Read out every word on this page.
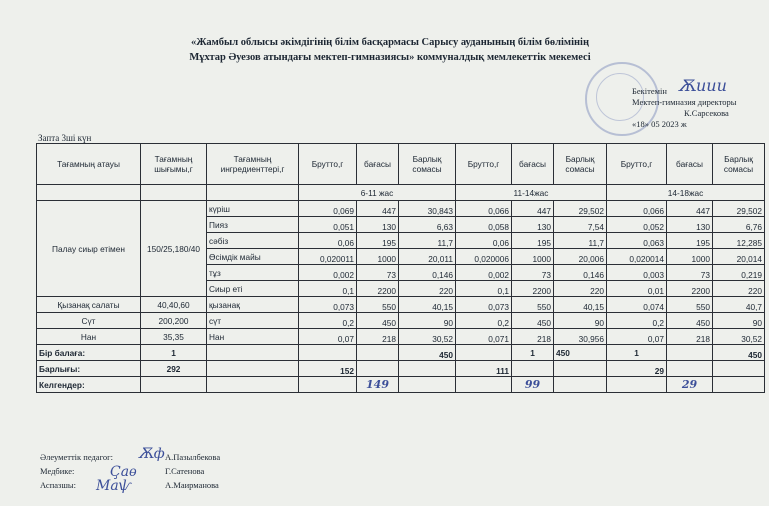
«Жамбыл облысы әкімдігінің білім басқармасы Сарысу ауданының білім бөлімінің
Мұхтар Әуезов атындағы мектеп-гимназиясы» коммуналдық мемлекеттік мекемесі
Ѫиии
Бекітемін
Мектеп-гимназия директоры
К.Сарсекова
«18» 05 2023 ж
Запта 3ші күн
Тағамның атауы	Тағамның шығымы,г	Тағамның ингредиенттері,г	Брутто,г	бағасы	Барлық сомасы	Брутто,г	бағасы	Барлық сомасы	Брутто,г	бағасы	Барлық сомасы
			6-11 жас			11-14жас			14-18жас		
Палау сиыр етімен	150/25,180/40	күріш	0,069	447	30,843	0,066	447	29,502	0,066	447	29,502
		Пияз	0,051	130	6,63	0,058	130	7,54	0,052	130	6,76
		сәбіз	0,06	195	11,7	0,06	195	11,7	0,063	195	12,285
		Өсімдік майы	0,020011	1000	20,011	0,020006	1000	20,006	0,020014	1000	20,014
		тұз	0,002	73	0,146	0,002	73	0,146	0,003	73	0,219
		Сиыр еті	0,1	2200	220	0,1	2200	220	0,01	2200	220
Қызанақ салаты	40,40,60	қызанақ	0,073	550	40,15	0,073	550	40,15	0,074	550	40,7
Сүт	200,200	сүт	0,2	450	90	0,2	450	90	0,2	450	90
Нан	35,35	Нан	0,07	218	30,52	0,071	218	30,956	0,07	218	30,52
Бір балаға:	1				450		1	450	1		450
Барлығы:	292		152			111			29		
Келгендер:				149			99			29	
Әлеуметтік педагог:	А.Пазылбекова
Медбике:	Г.Сатенова
Аспазшы:	А.Маирманова
Ѫф
Ҫаѳ
Маѱ
